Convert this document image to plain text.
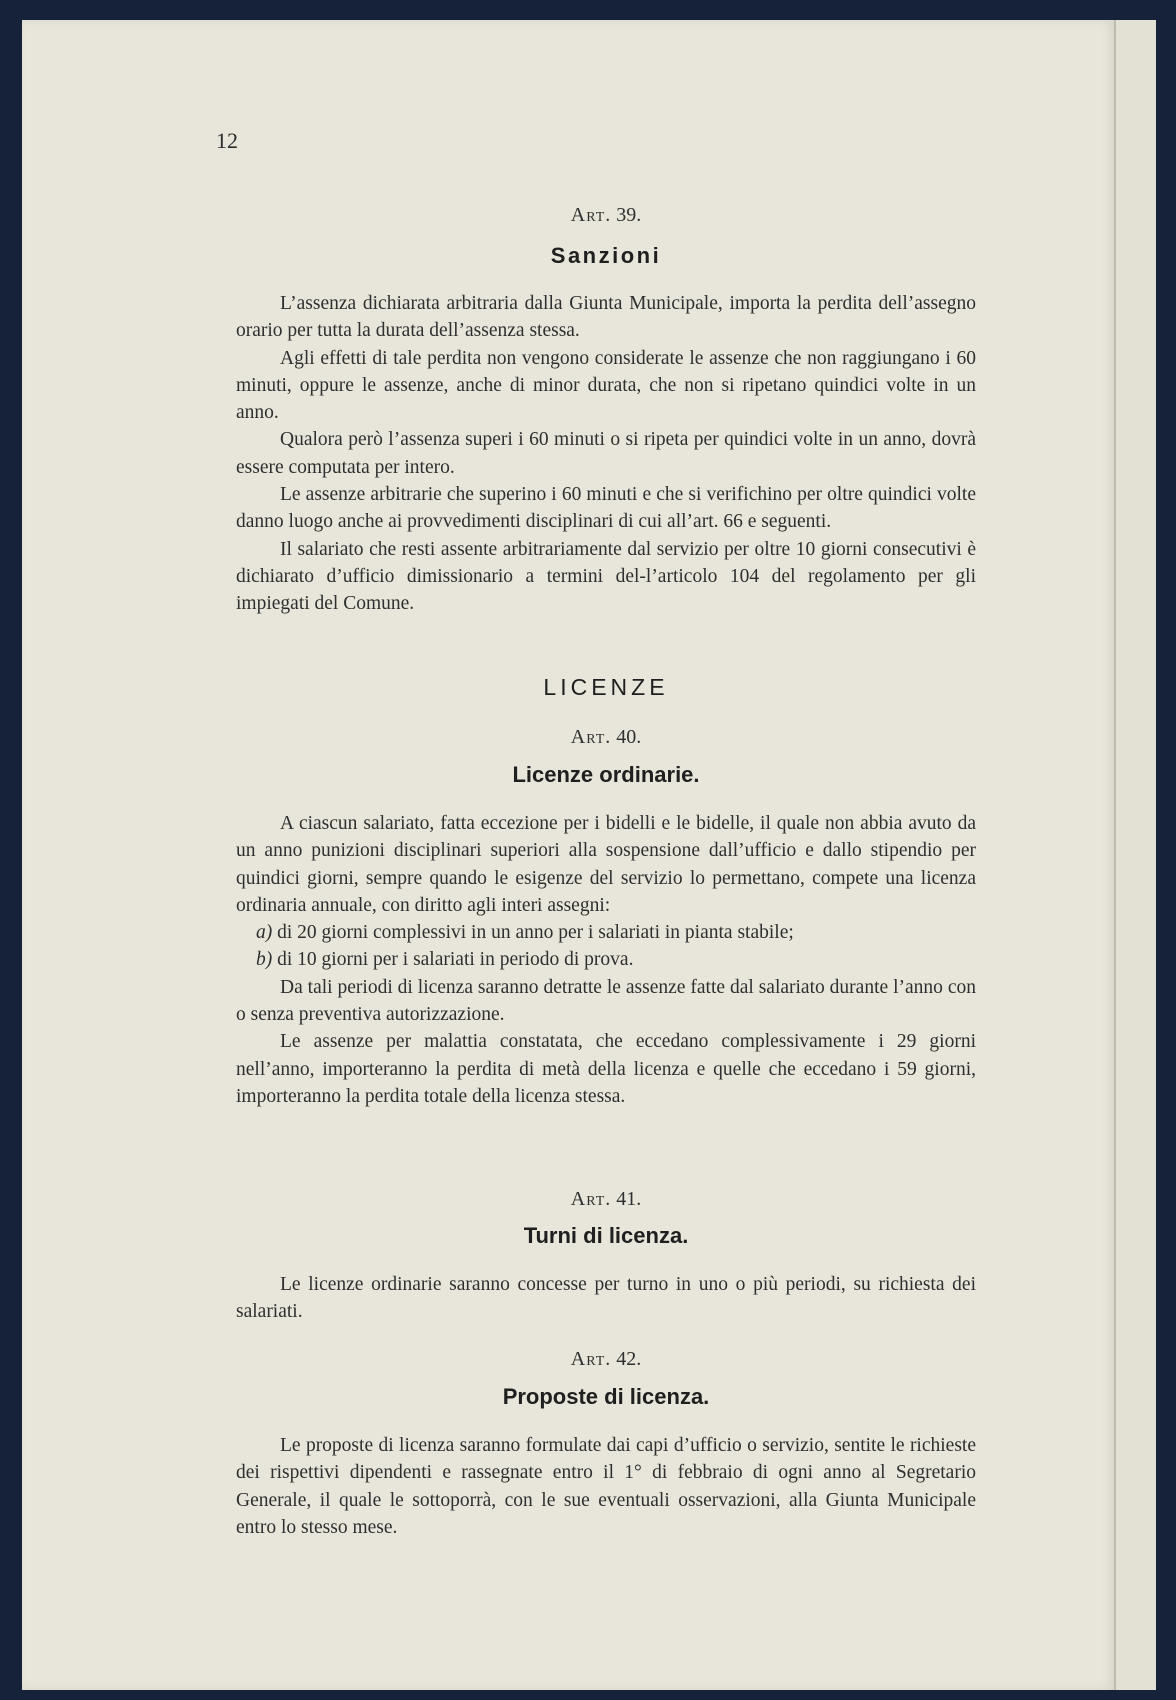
12
Art. 39.
Sanzioni

L’assenza dichiarata arbitraria dalla Giunta Municipale, importa la perdita dell’assegno orario per tutta la durata dell’assenza stessa.

Agli effetti di tale perdita non vengono considerate le assenze che non raggiungano i 60 minuti, oppure le assenze, anche di minor durata, che non si ripetano quindici volte in un anno.

Qualora però l’assenza superi i 60 minuti o si ripeta per quindici volte in un anno, dovrà essere computata per intero.

Le assenze arbitrarie che superino i 60 minuti e che si verifichino per oltre quindici volte danno luogo anche ai provvedimenti disciplinari di cui all’art. 66 e seguenti.

Il salariato che resti assente arbitrariamente dal servizio per oltre 10 giorni consecutivi è dichiarato d’ufficio dimissionario a termini del-l’articolo 104 del regolamento per gli impiegati del Comune.

LICENZE
Art. 40.
Licenze ordinarie.

A ciascun salariato, fatta eccezione per i bidelli e le bidelle, il quale non abbia avuto da un anno punizioni disciplinari superiori alla sospensione dall’ufficio e dallo stipendio per quindici giorni, sempre quando le esigenze del servizio lo permettano, compete una licenza ordinaria annuale, con diritto agli interi assegni:

a) di 20 giorni complessivi in un anno per i salariati in pianta stabile;

b) di 10 giorni per i salariati in periodo di prova.

Da tali periodi di licenza saranno detratte le assenze fatte dal salariato durante l’anno con o senza preventiva autorizzazione.

Le assenze per malattia constatata, che eccedano complessivamente i 29 giorni nell’anno, importeranno la perdita di metà della licenza e quelle che eccedano i 59 giorni, importeranno la perdita totale della licenza stessa.

Art. 41.
Turni di licenza.

Le licenze ordinarie saranno concesse per turno in uno o più periodi, su richiesta dei salariati.

Art. 42.
Proposte di licenza.

Le proposte di licenza saranno formulate dai capi d’ufficio o servizio, sentite le richieste dei rispettivi dipendenti e rassegnate entro il 1° di febbraio di ogni anno al Segretario Generale, il quale le sottoporrà, con le sue eventuali osservazioni, alla Giunta Municipale entro lo stesso mese.
